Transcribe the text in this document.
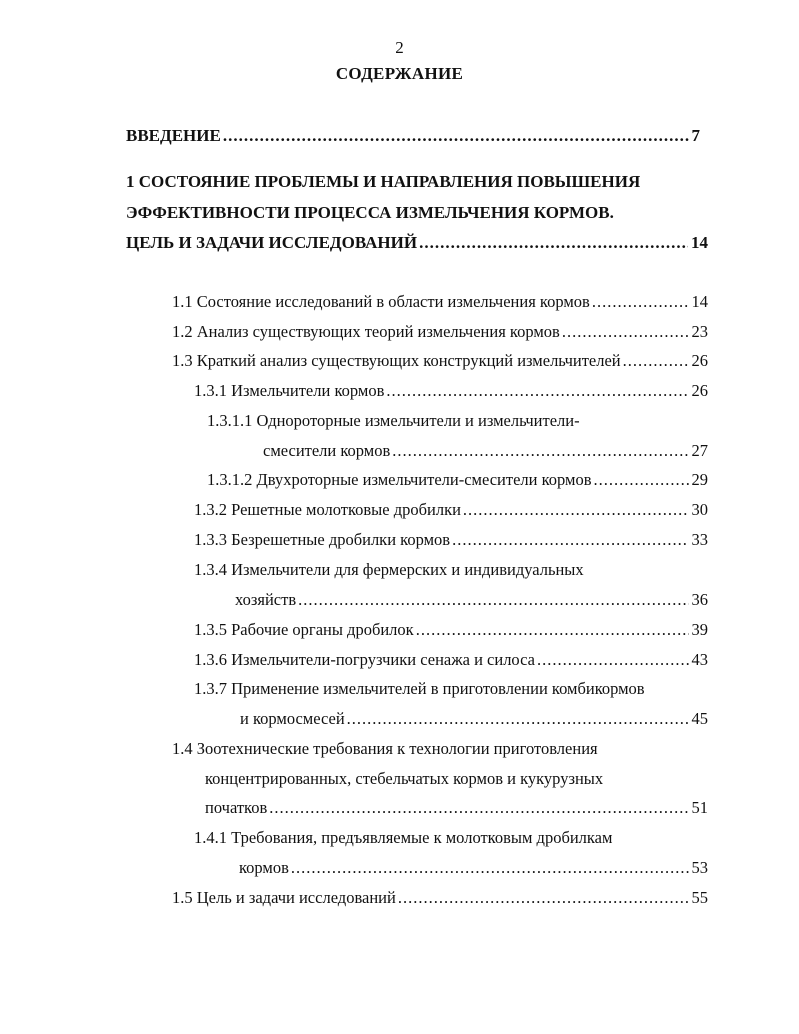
2
СОДЕРЖАНИЕ
ВВЕДЕНИЕ .....	7
1 СОСТОЯНИЕ ПРОБЛЕМЫ И НАПРАВЛЕНИЯ ПОВЫШЕНИЯ
ЭФФЕКТИВНОСТИ ПРОЦЕССА ИЗМЕЛЬЧЕНИЯ КОРМОВ.
ЦЕЛЬ И ЗАДАЧИ ИССЛЕДОВАНИЙ .....	14
1.1 Состояние исследований в области измельчения кормов .....	14
1.2 Анализ существующих теорий измельчения кормов .....	23
1.3 Краткий анализ существующих конструкций измельчителей .....	26
1.3.1 Измельчители кормов .....	26
1.3.1.1 Однороторные измельчители и измельчители-
смесители кормов .....	27
1.3.1.2 Двухроторные измельчители-смесители кормов .....	29
1.3.2 Решетные молотковые дробилки .....	30
1.3.3 Безрешетные дробилки кормов .....	33
1.3.4 Измельчители для фермерских и индивидуальных
хозяйств .....	36
1.3.5 Рабочие органы дробилок .....	39
1.3.6 Измельчители-погрузчики сенажа и силоса .....	43
1.3.7 Применение измельчителей в приготовлении комбикормов
и кормосмесей .....	45
1.4 Зоотехнические требования к технологии приготовления
концентрированных, стебельчатых кормов и кукурузных
початков .....	51
1.4.1 Требования, предъявляемые к молотковым дробилкам
кормов .....	53
1.5 Цель и задачи исследований .....	55
